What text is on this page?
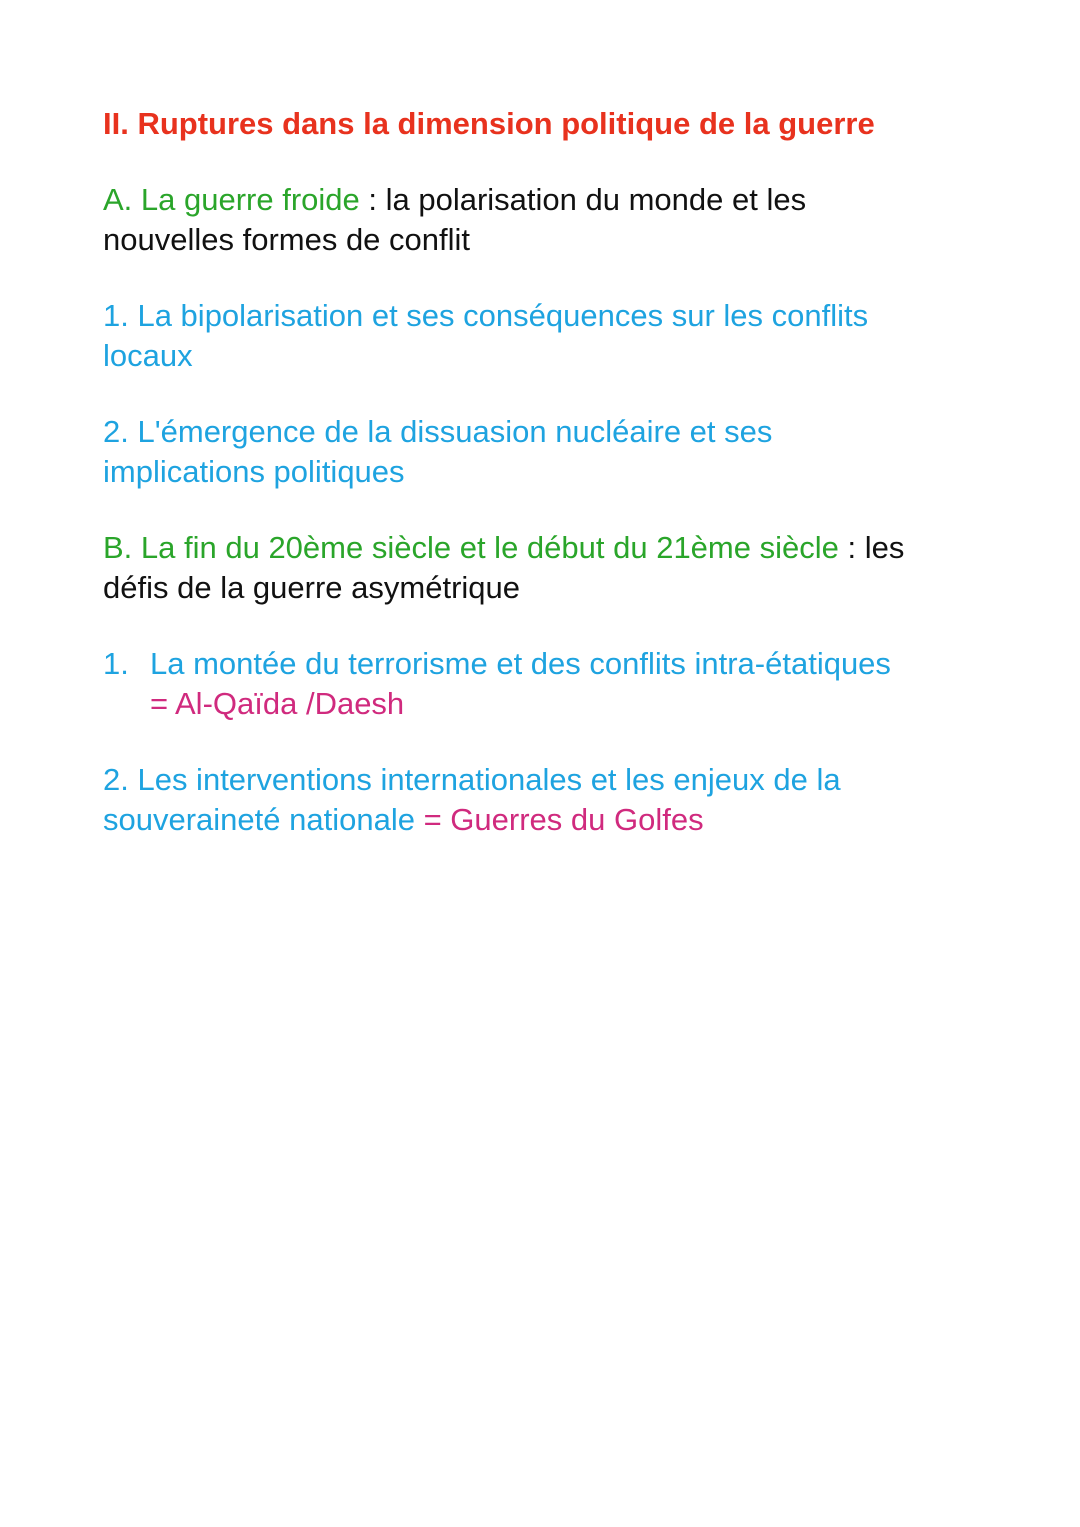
II. Ruptures dans la dimension politique de la guerre

A. La guerre froide : la polarisation du monde et les

nouvelles formes de conflit

1. La bipolarisation et ses conséquences sur les conflits

locaux

2. L'émergence de la dissuasion nucléaire et ses

implications politiques

B. La fin du 20ème siècle et le début du 21ème siècle : les

défis de la guerre asymétrique

1. La montée du terrorisme et des conflits intra-étatiques

= Al-Qaïda /Daesh

2. Les interventions internationales et les enjeux de la

souveraineté nationale = Guerres du Golfes
